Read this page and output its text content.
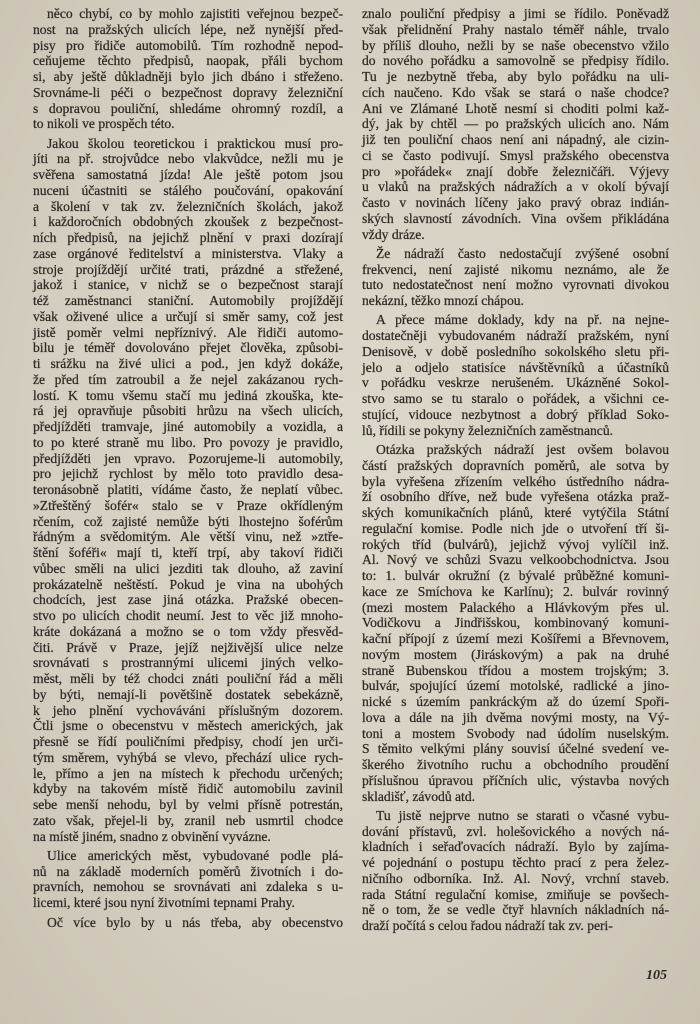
něco chybí, co by mohlo zajistiti veřejnou bezpeč-
nost na pražských ulicích lépe, než nynější před-
pisy pro řidiče automobilů. Tím rozhodně nepod-
ceňujeme těchto předpisů, naopak, přáli bychom
si, aby ještě důkladněji bylo jich dbáno i střeženo.
Srovnáme-li péči o bezpečnost dopravy železniční
s dopravou pouliční, shledáme ohromný rozdíl, a
to nikoli ve prospěch této.
Jakou školou teoretickou i praktickou musí pro-
jíti na př. strojvůdce nebo vlakvůdce, nežli mu je
svěřena samostatná jízda! Ale ještě potom jsou
nuceni účastniti se stálého poučování, opakování
a školení v tak zv. železničních školách, jakož
i každoročních obdobných zkoušek z bezpečnost-
ních předpisů, na jejichž plnění v praxi dozírají
zase orgánové ředitelství a ministerstva. Vlaky a
stroje projíždějí určité trati, prázdné a střežené,
jakož i stanice, v nichž se o bezpečnost starají
též zaměstnanci staniční. Automobily projíždějí
však oživené ulice a určují si směr samy, což jest
jistě poměr velmi nepříznivý. Ale řidiči automo-
bilu je téměř dovolováno přejet člověka, způsobi-
ti srážku na živé ulici a pod., jen když dokáže,
že před tím zatroubil a že nejel zakázanou rych-
lostí. K tomu všemu stačí mu jediná zkouška, kte-
rá jej opravňuje působiti hrůzu na všech ulicích,
předjížděti tramvaje, jiné automobily a vozidla, a
to po které straně mu libo. Pro povozy je pravidlo,
předjížděti jen vpravo. Pozorujeme-li automobily,
pro jejichž rychlost by mělo toto pravidlo desa-
teronásobně platiti, vídáme často, že neplatí vůbec.
»Ztřeštěný šofér« stalo se v Praze okřídleným
rčením, což zajisté nemůže býti lhostejno šoférům
řádným a svědomitým. Ale větší vinu, než »ztře-
štění šoféři« mají ti, kteří trpí, aby takoví řidiči
vůbec směli na ulici jezditi tak dlouho, až zaviní
prokázatelně neštěstí. Pokud je vina na ubohých
chodcích, jest zase jiná otázka. Pražské obecen-
stvo po ulicích chodit neumí. Jest to věc již mnoho-
kráte dokázaná a možno se o tom vždy přesvěd-
čiti. Právě v Praze, jejíž nejživější ulice nelze
srovnávati s prostrannými ulicemi jiných velko-
měst, měli by též chodci znáti pouliční řád a měli
by býti, nemají-li povětšině dostatek sebekázně,
k jeho plnění vychováváni příslušným dozorem.
Čtli jsme o obecenstvu v městech amerických, jak
přesně se řídí pouličními předpisy, chodí jen urči-
tým směrem, vyhýbá se vlevo, přechází ulice rych-
le, přímo a jen na místech k přechodu určených;
kdyby na takovém místě řidič automobilu zavinil
sebe menší nehodu, byl by velmi přísně potrestán,
zato však, přejel-li by, zranil neb usmrtil chodce
na místě jiném, snadno z obvinění vyvázne.
Ulice amerických měst, vybudované podle plá-
nů na základě moderních poměrů životních i do-
pravních, nemohou se srovnávati ani zdaleka s u-
licemi, které jsou nyní životními tepnami Prahy.
Oč více bylo by u nás třeba, aby obecenstvo
znalo pouliční předpisy a jimi se řídilo. Poněvadž
však přelidnění Prahy nastalo téměř náhle, trvalo
by příliš dlouho, nežli by se naše obecenstvo vžilo
do nového pořádku a samovolně se předpisy řídilo.
Tu je nezbytně třeba, aby bylo pořádku na uli-
cích naučeno. Kdo však se stará o naše chodce?
Ani ve Zlámané Lhotě nesmí si choditi polmi kaž-
dý, jak by chtěl — po pražských ulicích ano. Nám
již ten pouliční chaos není ani nápadný, ale cizin-
ci se často podivují. Smysl pražského obecenstva
pro »pořádek« znají dobře železničáři. Výjevy
u vlaků na pražských nádražích a v okolí bývají
často v novinách líčeny jako pravý obraz indián-
ských slavností závodních. Vina ovšem přikládána
vždy dráze.
Že nádraží často nedostačují zvýšené osobní
frekvenci, není zajisté nikomu neznámo, ale že
tuto nedostatečnost není možno vyrovnati divokou
nekázní, těžko mnozí chápou.
A přece máme doklady, kdy na př. na nejne-
dostatečněji vybudovaném nádraží pražském, nyní
Denisově, v době posledního sokolského sletu při-
jelo a odjelo statisíce návštěvníků a účastníků
v pořádku veskrze nerušeném. Ukázněné Sokol-
stvo samo se tu staralo o pořádek, a všichni ce-
stující, vidouce nezbytnost a dobrý příklad Soko-
lů, řídili se pokyny železničních zaměstnanců.
Otázka pražských nádraží jest ovšem bolavou
částí pražských dopravních poměrů, ale sotva by
byla vyřešena zřízením velkého ústředního nádra-
ží osobního dříve, než bude vyřešena otázka praž-
ských komunikačních plánů, které vytýčila Státní
regulační komise. Podle nich jde o utvoření tří ši-
rokých tříd (bulvárů), jejichž vývoj vylíčil inž.
Al. Nový ve schůzi Svazu velkoobchodnictva. Jsou
to: 1. bulvár okružní (z bývalé průběžné komuni-
kace ze Smíchova ke Karlínu); 2. bulvár rovinný
(mezi mostem Palackého a Hlávkovým přes ul.
Vodičkovu a Jindřišskou, kombinovaný komuni-
kační přípojí z území mezi Košířemi a Břevnovem,
novým mostem (Jiráskovým) a pak na druhé
straně Bubenskou třídou a mostem trojským; 3.
bulvár, spojující území motolské, radlické a jino-
nické s územím pankráckým až do území Spoři-
lova a dále na jih dvěma novými mosty, na Vý-
toni a mostem Svobody nad údolím nuselským.
S těmito velkými plány souvisí účelné svedení ve-
škerého životního ruchu a obchodního proudění
příslušnou úpravou příčních ulic, výstavba nových
skladišť, závodů atd.
Tu jistě nejprve nutno se starati o včasné vybu-
dování přístavů, zvl. holešovického a nových ná-
kladních i seřaďovacích nádraží. Bylo by zajíma-
vé pojednání o postupu těchto prací z pera želez-
ničního odborníka. Inž. Al. Nový, vrchní staveb.
rada Státní regulační komise, zmiňuje se povšech-
ně o tom, že se vedle čtyř hlavních nákladních ná-
draží počítá s celou řadou nádraží tak zv. peri-
105
